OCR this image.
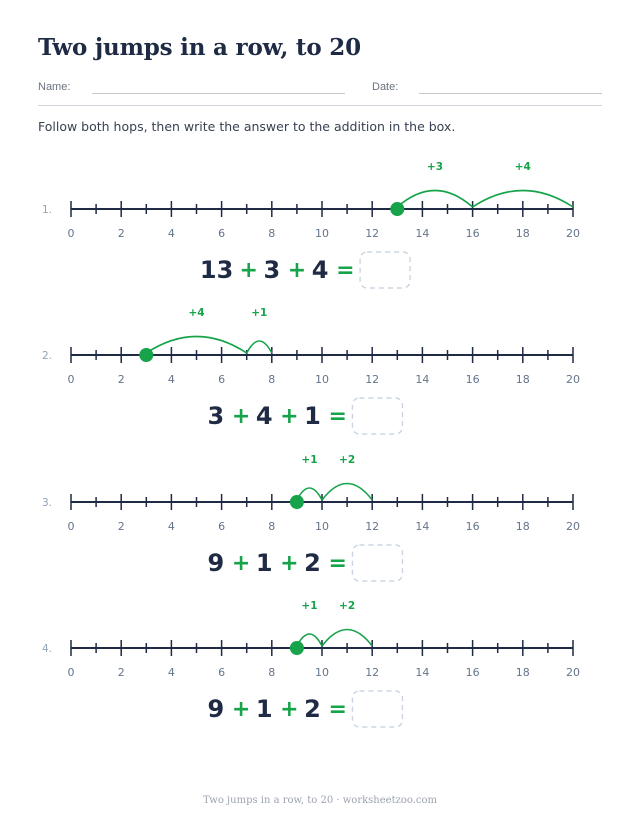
Two jumps in a row, to 20
Name:	Date:
Follow both hops, then write the answer to the addition in the box.
1.
0	2	4	6	8	10	12	14	16	18	20
+3	+4
13 + 3 + 4 =
2.
0	2	4	6	8	10	12	14	16	18	20
+4	+1
3 + 4 + 1 =
3.
0	2	4	6	8	10	12	14	16	18	20
+1 +2
9 + 1 + 2 =
4.
0	2	4	6	8	10	12	14	16	18	20
+1 +2
9 + 1 + 2 =
Two jumps in a row, to 20 · worksheetzoo.com
